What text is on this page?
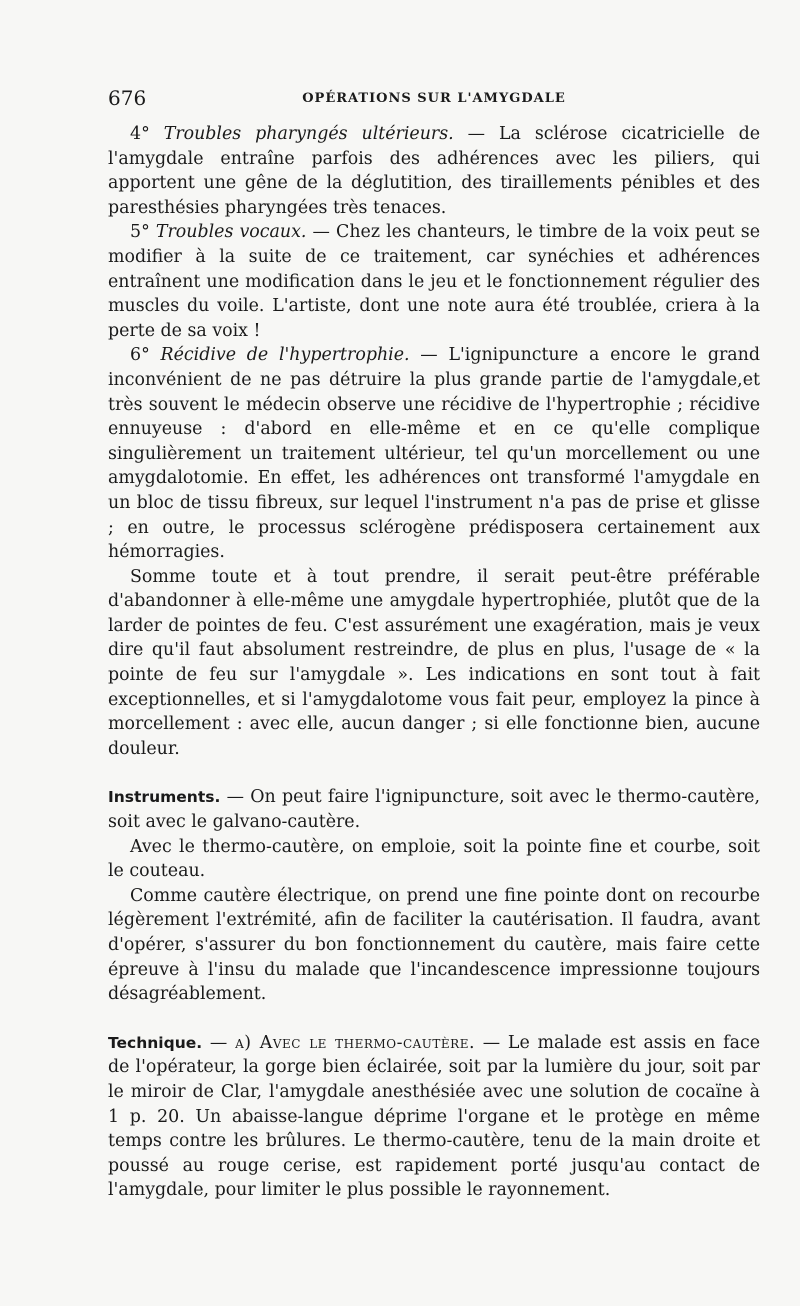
676	OPÉRATIONS SUR L'AMYGDALE

4° Troubles pharyngés ultérieurs. — La sclérose cicatricielle de l'amygdale entraîne parfois des adhérences avec les piliers, qui apportent une gêne de la déglutition, des tiraillements pénibles et des paresthésies pharyngées très tenaces.

5° Troubles vocaux. — Chez les chanteurs, le timbre de la voix peut se modifier à la suite de ce traitement, car synéchies et adhérences entraînent une modification dans le jeu et le fonctionnement régulier des muscles du voile. L'artiste, dont une note aura été troublée, criera à la perte de sa voix !

6° Récidive de l'hypertrophie. — L'ignipuncture a encore le grand inconvénient de ne pas détruire la plus grande partie de l'amygdale,et très souvent le médecin observe une récidive de l'hypertrophie ; récidive ennuyeuse : d'abord en elle-même et en ce qu'elle complique singulièrement un traitement ultérieur, tel qu'un morcellement ou une amygdalotomie. En effet, les adhérences ont transformé l'amygdale en un bloc de tissu fibreux, sur lequel l'instrument n'a pas de prise et glisse ; en outre, le processus sclérogène prédisposera certainement aux hémorragies.

Somme toute et à tout prendre, il serait peut-être préférable d'abandonner à elle-même une amygdale hypertrophiée, plutôt que de la larder de pointes de feu. C'est assurément une exagération, mais je veux dire qu'il faut absolument restreindre, de plus en plus, l'usage de « la pointe de feu sur l'amygdale ». Les indications en sont tout à fait exceptionnelles, et si l'amygdalotome vous fait peur, employez la pince à morcellement : avec elle, aucun danger ; si elle fonctionne bien, aucune douleur.

Instruments. — On peut faire l'ignipuncture, soit avec le thermo-cautère, soit avec le galvano-cautère.

Avec le thermo-cautère, on emploie, soit la pointe fine et courbe, soit le couteau.

Comme cautère électrique, on prend une fine pointe dont on recourbe légèrement l'extrémité, afin de faciliter la cautérisation. Il faudra, avant d'opérer, s'assurer du bon fonctionnement du cautère, mais faire cette épreuve à l'insu du malade que l'incandescence impressionne toujours désagréablement.

Technique. — a) Avec le thermo-cautère. — Le malade est assis en face de l'opérateur, la gorge bien éclairée, soit par la lumière du jour, soit par le miroir de Clar, l'amygdale anesthésiée avec une solution de cocaïne à 1 p. 20. Un abaisse-langue déprime l'organe et le protège en même temps contre les brûlures. Le thermo-cautère, tenu de la main droite et poussé au rouge cerise, est rapidement porté jusqu'au contact de l'amygdale, pour limiter le plus possible le rayonnement.
